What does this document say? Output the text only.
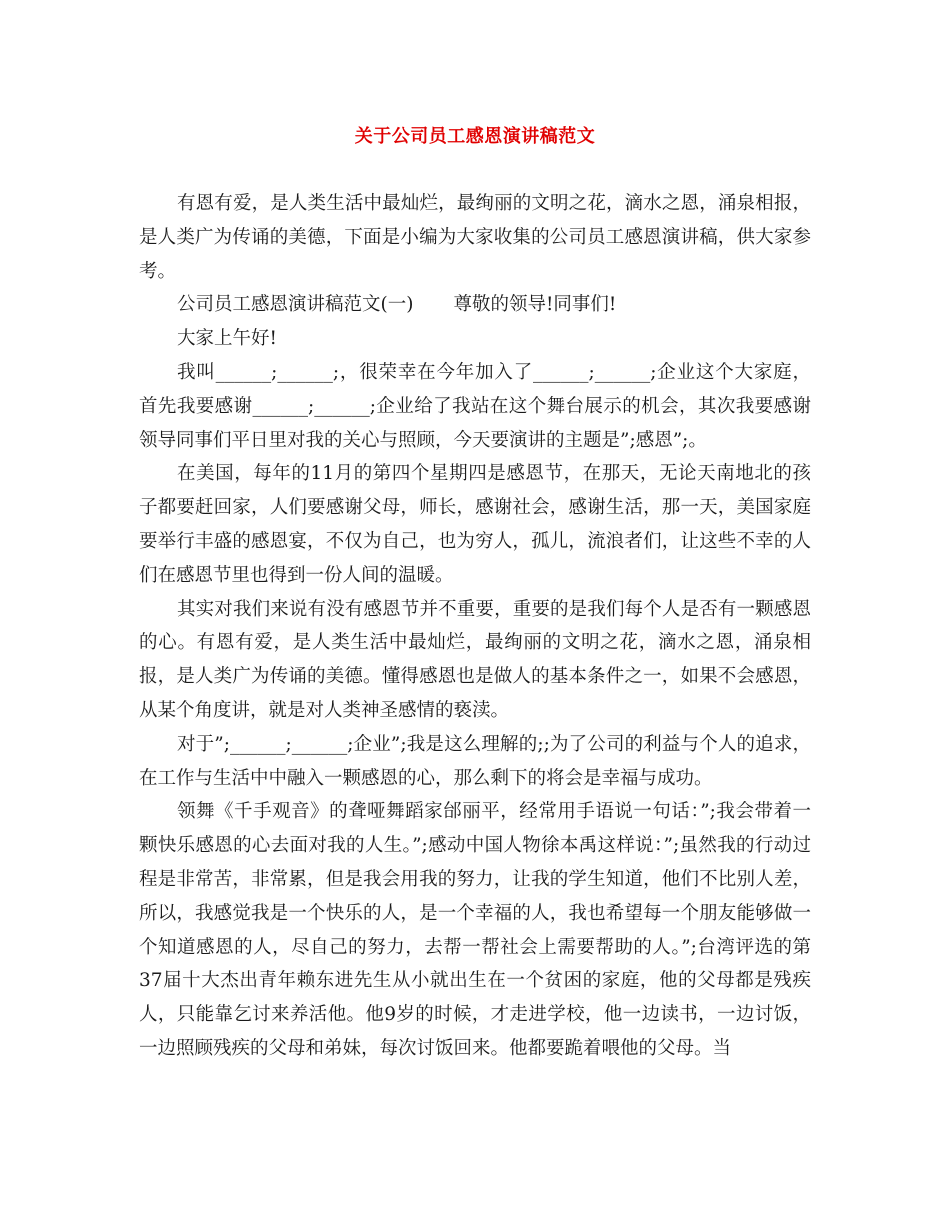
关于公司员工感恩演讲稿范文

有恩有爱，是人类生活中最灿烂，最绚丽的文明之花，滴水之恩，涌泉相报，是人类广为传诵的美德，下面是小编为大家收集的公司员工感恩演讲稿，供大家参考。

公司员工感恩演讲稿范文(一) 尊敬的领导!同事们!

大家上午好!

我叫______;______;，很荣幸在今年加入了______;______;企业这个大家庭，首先我要感谢______;______;企业给了我站在这个舞台展示的机会，其次我要感谢领导同事们平日里对我的关心与照顾，今天要演讲的主题是”;感恩”;。

在美国，每年的11月的第四个星期四是感恩节，在那天，无论天南地北的孩子都要赶回家，人们要感谢父母，师长，感谢社会，感谢生活，那一天，美国家庭要举行丰盛的感恩宴，不仅为自己，也为穷人，孤儿，流浪者们，让这些不幸的人们在感恩节里也得到一份人间的温暖。

其实对我们来说有没有感恩节并不重要，重要的是我们每个人是否有一颗感恩的心。有恩有爱，是人类生活中最灿烂，最绚丽的文明之花，滴水之恩，涌泉相报，是人类广为传诵的美德。懂得感恩也是做人的基本条件之一，如果不会感恩，从某个角度讲，就是对人类神圣感情的亵渎。

对于”;______;______;企业”;我是这么理解的;;为了公司的利益与个人的追求，在工作与生活中中融入一颗感恩的心，那么剩下的将会是幸福与成功。

领舞《千手观音》的聋哑舞蹈家邰丽平，经常用手语说一句话：”;我会带着一颗快乐感恩的心去面对我的人生。”;感动中国人物徐本禹这样说：”;虽然我的行动过程是非常苦，非常累，但是我会用我的努力，让我的学生知道，他们不比别人差，所以，我感觉我是一个快乐的人，是一个幸福的人，我也希望每一个朋友能够做一个知道感恩的人，尽自己的努力，去帮一帮社会上需要帮助的人。”;台湾评选的第37届十大杰出青年赖东进先生从小就出生在一个贫困的家庭，他的父母都是残疾人，只能靠乞讨来养活他。他9岁的时候，才走进学校，他一边读书，一边讨饭，一边照顾残疾的父母和弟妹，每次讨饭回来。他都要跪着喂他的父母。当
